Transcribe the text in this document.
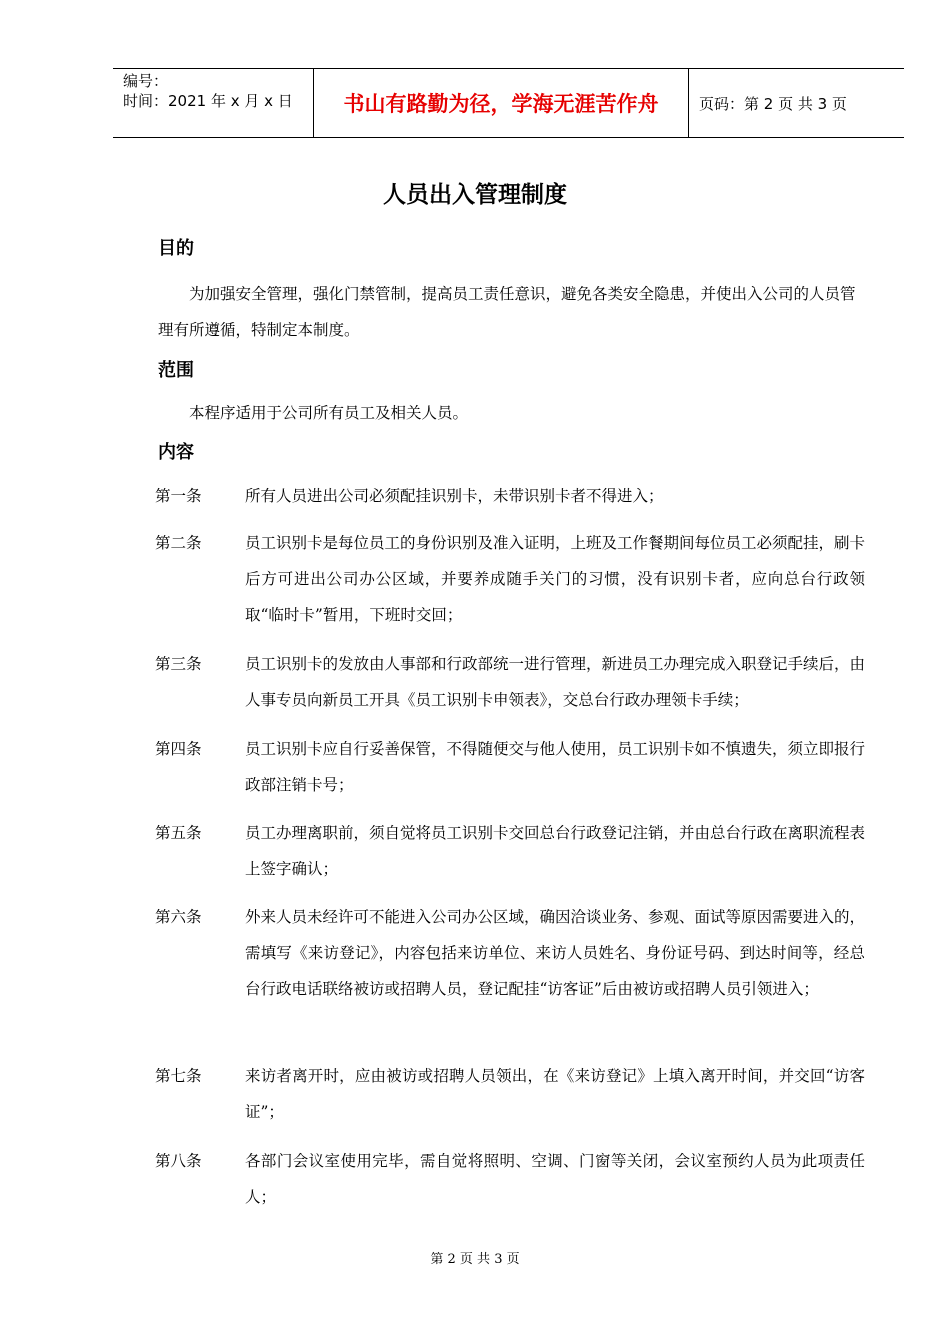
编号：
时间：2021 年 x 月 x 日	书山有路勤为径，学海无涯苦作舟	页码：第 2 页 共 3 页
人员出入管理制度
目的
为加强安全管理，强化门禁管制，提高员工责任意识，避免各类安全隐患，并使出入公司的人员管理有所遵循，特制定本制度。
范围
本程序适用于公司所有员工及相关人员。
内容
第一条	所有人员进出公司必须配挂识别卡，未带识别卡者不得进入；
第二条	员工识别卡是每位员工的身份识别及准入证明，上班及工作餐期间每位员工必须配挂，刷卡后方可进出公司办公区域，并要养成随手关门的习惯，没有识别卡者，应向总台行政领取“临时卡”暂用，下班时交回；
第三条	员工识别卡的发放由人事部和行政部统一进行管理，新进员工办理完成入职登记手续后，由人事专员向新员工开具《员工识别卡申领表》，交总台行政办理领卡手续；
第四条	员工识别卡应自行妥善保管，不得随便交与他人使用，员工识别卡如不慎遗失，须立即报行政部注销卡号；
第五条	员工办理离职前，须自觉将员工识别卡交回总台行政登记注销，并由总台行政在离职流程表上签字确认；
第六条	外来人员未经许可不能进入公司办公区域，确因洽谈业务、参观、面试等原因需要进入的，需填写《来访登记》，内容包括来访单位、来访人员姓名、身份证号码、到达时间等，经总台行政电话联络被访或招聘人员，登记配挂“访客证”后由被访或招聘人员引领进入；
第七条	来访者离开时，应由被访或招聘人员领出，在《来访登记》上填入离开时间，并交回“访客证”；
第八条	各部门会议室使用完毕，需自觉将照明、空调、门窗等关闭，会议室预约人员为此项责任人；
第 2 页 共 3 页
